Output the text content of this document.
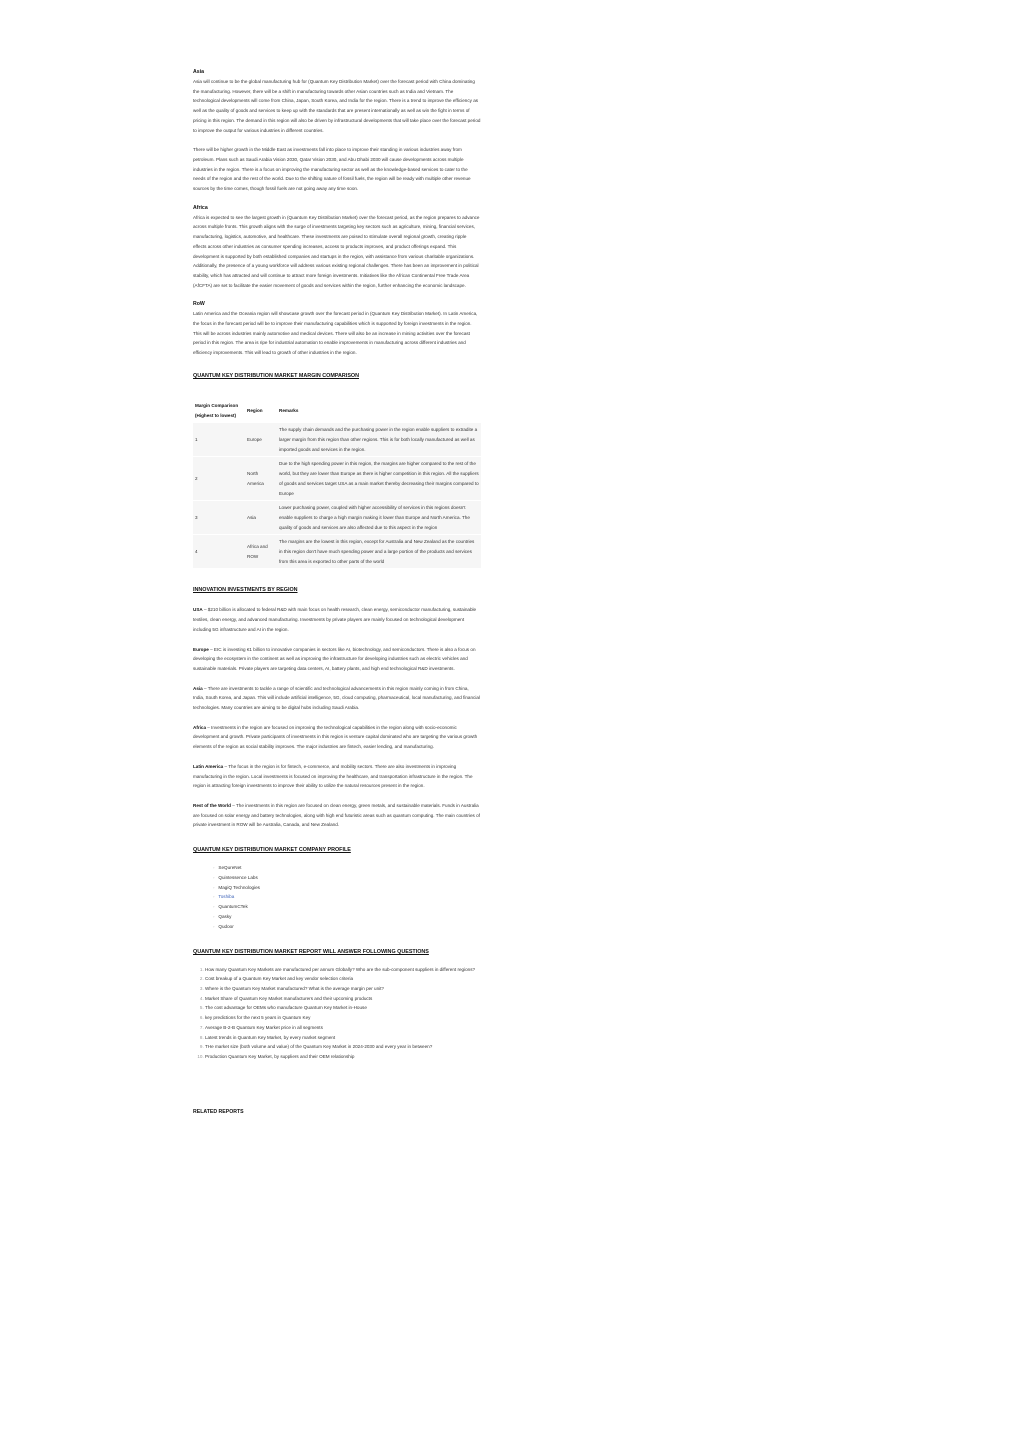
Asia

Asia will continue to be the global manufacturing hub for (Quantum Key Distribution Market) over the forecast period with China dominating the manufacturing. However, there will be a shift in manufacturing towards other Asian countries such as India and Vietnam. The technological developments will come from China, Japan, South Korea, and India for the region. There is a trend to improve the efficiency as well as the quality of goods and services to keep up with the standards that are present internationally as well as win the fight in terms of pricing in this region. The demand in this region will also be driven by infrastructural developments that will take place over the forecast period to improve the output for various industries in different countries.

There will be higher growth in the Middle East as investments fall into place to improve their standing in various industries away from petroleum. Plans such as Saudi Arabia Vision 2030, Qatar Vision 2030, and Abu Dhabi 2030 will cause developments across multiple industries in the region. There is a focus on improving the manufacturing sector as well as the knowledge-based services to cater to the needs of the region and the rest of the world. Due to the shifting nature of fossil fuels, the region will be ready with multiple other revenue sources by the time comes, though fossil fuels are not going away any time soon.

Africa

Africa is expected to see the largest growth in (Quantum Key Distribution Market) over the forecast period, as the region prepares to advance across multiple fronts. This growth aligns with the surge of investments targeting key sectors such as agriculture, mining, financial services, manufacturing, logistics, automotive, and healthcare. These investments are poised to stimulate overall regional growth, creating ripple effects across other industries as consumer spending increases, access to products improves, and product offerings expand. This development is supported by both established companies and startups in the region, with assistance from various charitable organizations. Additionally, the presence of a young workforce will address various existing regional challenges. There has been an improvement in political stability, which has attracted and will continue to attract more foreign investments. Initiatives like the African Continental Free Trade Area (AfCFTA) are set to facilitate the easier movement of goods and services within the region, further enhancing the economic landscape.

RoW

Latin America and the Oceania region will showcase growth over the forecast period in (Quantum Key Distribution Market). In Latin America, the focus in the forecast period will be to improve their manufacturing capabilities which is supported by foreign investments in the region. This will be across industries mainly automotive and medical devices. There will also be an increase in mining activities over the forecast period in this region. The area is ripe for industrial automation to enable improvements in manufacturing across different industries and efficiency improvements. This will lead to growth of other industries in the region.

QUANTUM KEY DISTRIBUTION MARKET MARGIN COMPARISON

Margin Comparison (Highest to lowest)	Region	Remarks
1	Europe	The supply chain demands and the purchasing power in the region enable suppliers to extradite a larger margin from this region than other regions. This is for both locally manufactured as well as imported goods and services in the region.
2	North America	Due to the high spending power in this region, the margins are higher compared to the rest of the world, but they are lower than Europe as there is higher competition in this region. All the suppliers of goods and services target USA as a main market thereby decreasing their margins compared to Europe
3	Asia	Lower purchasing power, coupled with higher accessibility of services in this regions doesn't enable suppliers to charge a high margin making it lower than Europe and North America. The quality of goods and services are also affected due to this aspect in the region
4	Africa and ROW	The margins are the lowest in this region, except for Australia and New Zealand as the countries in this region don't have much spending power and a large portion of the products and services from this area is exported to other parts of the world

INNOVATION INVESTMENTS BY REGION

USA – $210 billion is allocated to federal R&D with main focus on health research, clean energy, semiconductor manufacturing, sustainable textiles, clean energy, and advanced manufacturing. Investments by private players are mainly focused on technological development including 5G infrastructure and AI in the region.

Europe – EIC is investing €1 billion to innovative companies in sectors like AI, biotechnology, and semiconductors. There is also a focus on developing the ecosystem in the continent as well as improving the infrastructure for developing industries such as electric vehicles and sustainable materials. Private players are targeting data centers, AI, battery plants, and high end technological R&D investments.

Asia – There are investments to tackle a range of scientific and technological advancements in this region mainly coming in from China, India, South Korea, and Japan. This will include artificial intelligence, 5G, cloud computing, pharmaceutical, local manufacturing, and financial technologies. Many countries are aiming to be digital hubs including Saudi Arabia.

Africa – Investments in the region are focused on improving the technological capabilities in the region along with socio-economic development and growth. Private participants of investments in this region is venture capital dominated who are targeting the various growth elements of the region as social stability improves. The major industries are fintech, easier lending, and manufacturing.

Latin America – The focus in the region is for fintech, e-commerce, and mobility sectors. There are also investments in improving manufacturing in the region. Local investments is focused on improving the healthcare, and transportation infrastructure in the region. The region is attracting foreign investments to improve their ability to utilize the natural resources present in the region.

Rest of the World – The investments in this region are focused on clean energy, green metals, and sustainable materials. Funds in Australia are focused on solar energy and battery technologies, along with high end futuristic areas such as quantum computing. The main countries of private investment in ROW will be Australia, Canada, and New Zealand.

QUANTUM KEY DISTRIBUTION MARKET COMPANY PROFILE

◦ SeQureNet
◦ Quintessence Labs
◦ MagiQ Technologies
◦ Toshiba
◦ QuantumCTek
◦ Qasky
◦ Qudoor

QUANTUM KEY DISTRIBUTION MARKET REPORT WILL ANSWER FOLLOWING QUESTIONS

1. How many Quantum Key Markets are manufactured per annum Globally? Who are the sub-component suppliers in different regions?
2. Cost breakup of a Quantum Key Market and key vendor selection criteria
3. Where is the Quantum Key Market manufactured? What is the average margin per unit?
4. Market Share of Quantum Key Market manufacturers and their upcoming products
5. The cost advantage for OEMs who manufacture Quantum Key Market in-House
6. key predictions for the next 5 years in Quantum Key
7. Average B-2-B Quantum Key Market price in all segments
8. Latest trends in Quantum Key Market, by every market segment
9. THe market size (both volume and value) of the Quantum Key Market in 2024-2030 and every year in between?
10. Production Quantum Key Market, by suppliers and their OEM relationship

RELATED REPORTS
